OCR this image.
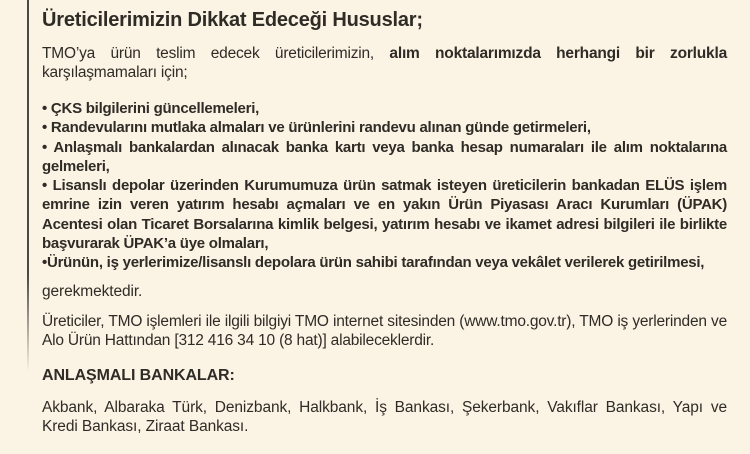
Üreticilerimizin Dikkat Edeceği Hususlar;

TMO’ya ürün teslim edecek üreticilerimizin, alım noktalarımızda herhangi bir zorlukla karşılaşmamaları için;

• ÇKS bilgilerini güncellemeleri,

• Randevularını mutlaka almaları ve ürünlerini randevu alınan günde getirmeleri,

• Anlaşmalı bankalardan alınacak banka kartı veya banka hesap numaraları ile alım noktalarına gelmeleri,

• Lisanslı depolar üzerinden Kurumumuza ürün satmak isteyen üreticilerin bankadan ELÜS işlem emrine izin veren yatırım hesabı açmaları ve en yakın Ürün Piyasası Aracı Kurumları (ÜPAK) Acentesi olan Ticaret Borsalarına kimlik belgesi, yatırım hesabı ve ikamet adresi bilgileri ile birlikte başvurarak ÜPAK’a üye olmaları,

•Ürünün, iş yerlerimize/lisanslı depolara ürün sahibi tarafından veya vekâlet verilerek getirilmesi,

gerekmektedir.

Üreticiler, TMO işlemleri ile ilgili bilgiyi TMO internet sitesinden (www.tmo.gov.tr), TMO iş yerlerinden ve Alo Ürün Hattından [312 416 34 10 (8 hat)] alabileceklerdir.

ANLAŞMALI BANKALAR:

Akbank, Albaraka Türk, Denizbank, Halkbank, İş Bankası, Şekerbank, Vakıflar Bankası, Yapı ve Kredi Bankası, Ziraat Bankası.
